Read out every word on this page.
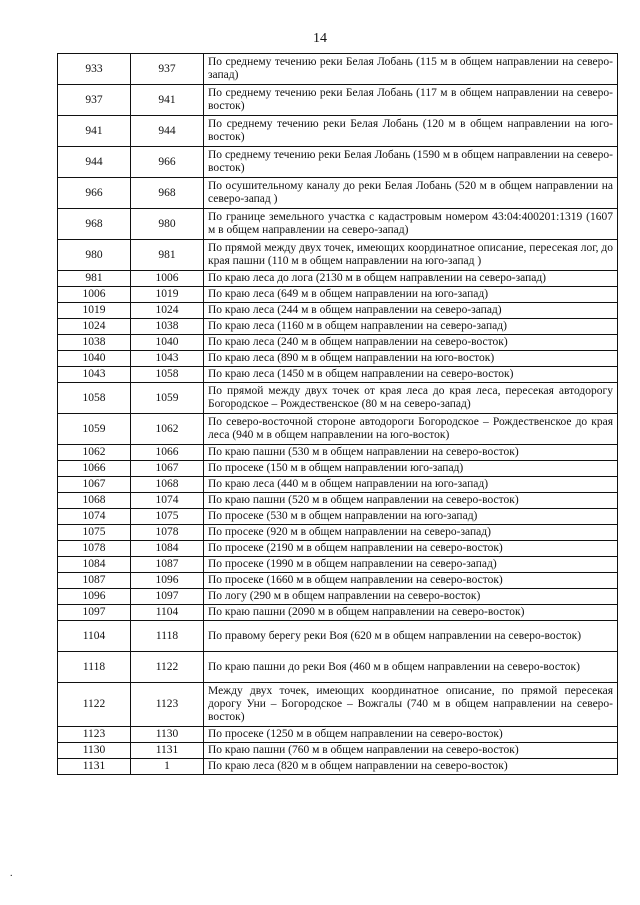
14
933	937	По среднему течению реки Белая Лобань (115 м в общем направлении на северо-запад)
937	941	По среднему течению реки Белая Лобань (117 м в общем направлении на северо-восток)
941	944	По среднему течению реки Белая Лобань (120 м в общем направлении на юго-восток)
944	966	По среднему течению реки Белая Лобань (1590 м в общем направлении на северо-восток)
966	968	По осушительному каналу до реки Белая Лобань (520 м в общем направлении на северо-запад )
968	980	По границе земельного участка с кадастровым номером 43:04:400201:1319 (1607 м в общем направлении на северо-запад)
980	981	По прямой между двух точек, имеющих координатное описание, пересекая лог, до края пашни (110 м в общем направлении на юго-запад )
981	1006	По краю леса до лога (2130 м в общем направлении на северо-запад)
1006	1019	По краю леса (649 м в общем направлении на юго-запад)
1019	1024	По краю леса (244 м в общем направлении на северо-запад)
1024	1038	По краю леса (1160 м в общем направлении на северо-запад)
1038	1040	По краю леса (240 м в общем направлении на северо-восток)
1040	1043	По краю леса (890 м в общем направлении на юго-восток)
1043	1058	По краю леса (1450 м в общем направлении на северо-восток)
1058	1059	По прямой между двух точек от края леса до края леса, пересекая автодорогу Богородское – Рождественское (80 м на северо-запад)
1059	1062	По северо-восточной стороне автодороги Богородское – Рождественское до края леса (940 м в общем направлении на юго-восток)
1062	1066	По краю пашни (530 м в общем направлении на северо-восток)
1066	1067	По просеке (150 м в общем направлении юго-запад)
1067	1068	По краю леса (440 м в общем направлении на юго-запад)
1068	1074	По краю пашни (520 м в общем направлении на северо-восток)
1074	1075	По просеке (530 м в общем направлении на юго-запад)
1075	1078	По просеке (920 м в общем направлении на северо-запад)
1078	1084	По просеке (2190 м в общем направлении на северо-восток)
1084	1087	По просеке (1990 м в общем направлении на северо-запад)
1087	1096	По просеке (1660 м в общем направлении на северо-восток)
1096	1097	По логу (290 м в общем направлении на северо-восток)
1097	1104	По краю пашни (2090 м в общем направлении на северо-восток)
1104	1118	По правому берегу реки Воя (620 м в общем направлении на северо-восток)
1118	1122	По краю пашни до реки Воя (460 м в общем направлении на северо-восток)
1122	1123	Между двух точек, имеющих координатное описание, по прямой пересекая дорогу Уни – Богородское – Вожгалы (740 м в общем направлении на северо-восток)
1123	1130	По просеке (1250 м в общем направлении на северо-восток)
1130	1131	По краю пашни (760 м в общем направлении на северо-восток)
1131	1	По краю леса (820 м в общем направлении на северо-восток)
.
